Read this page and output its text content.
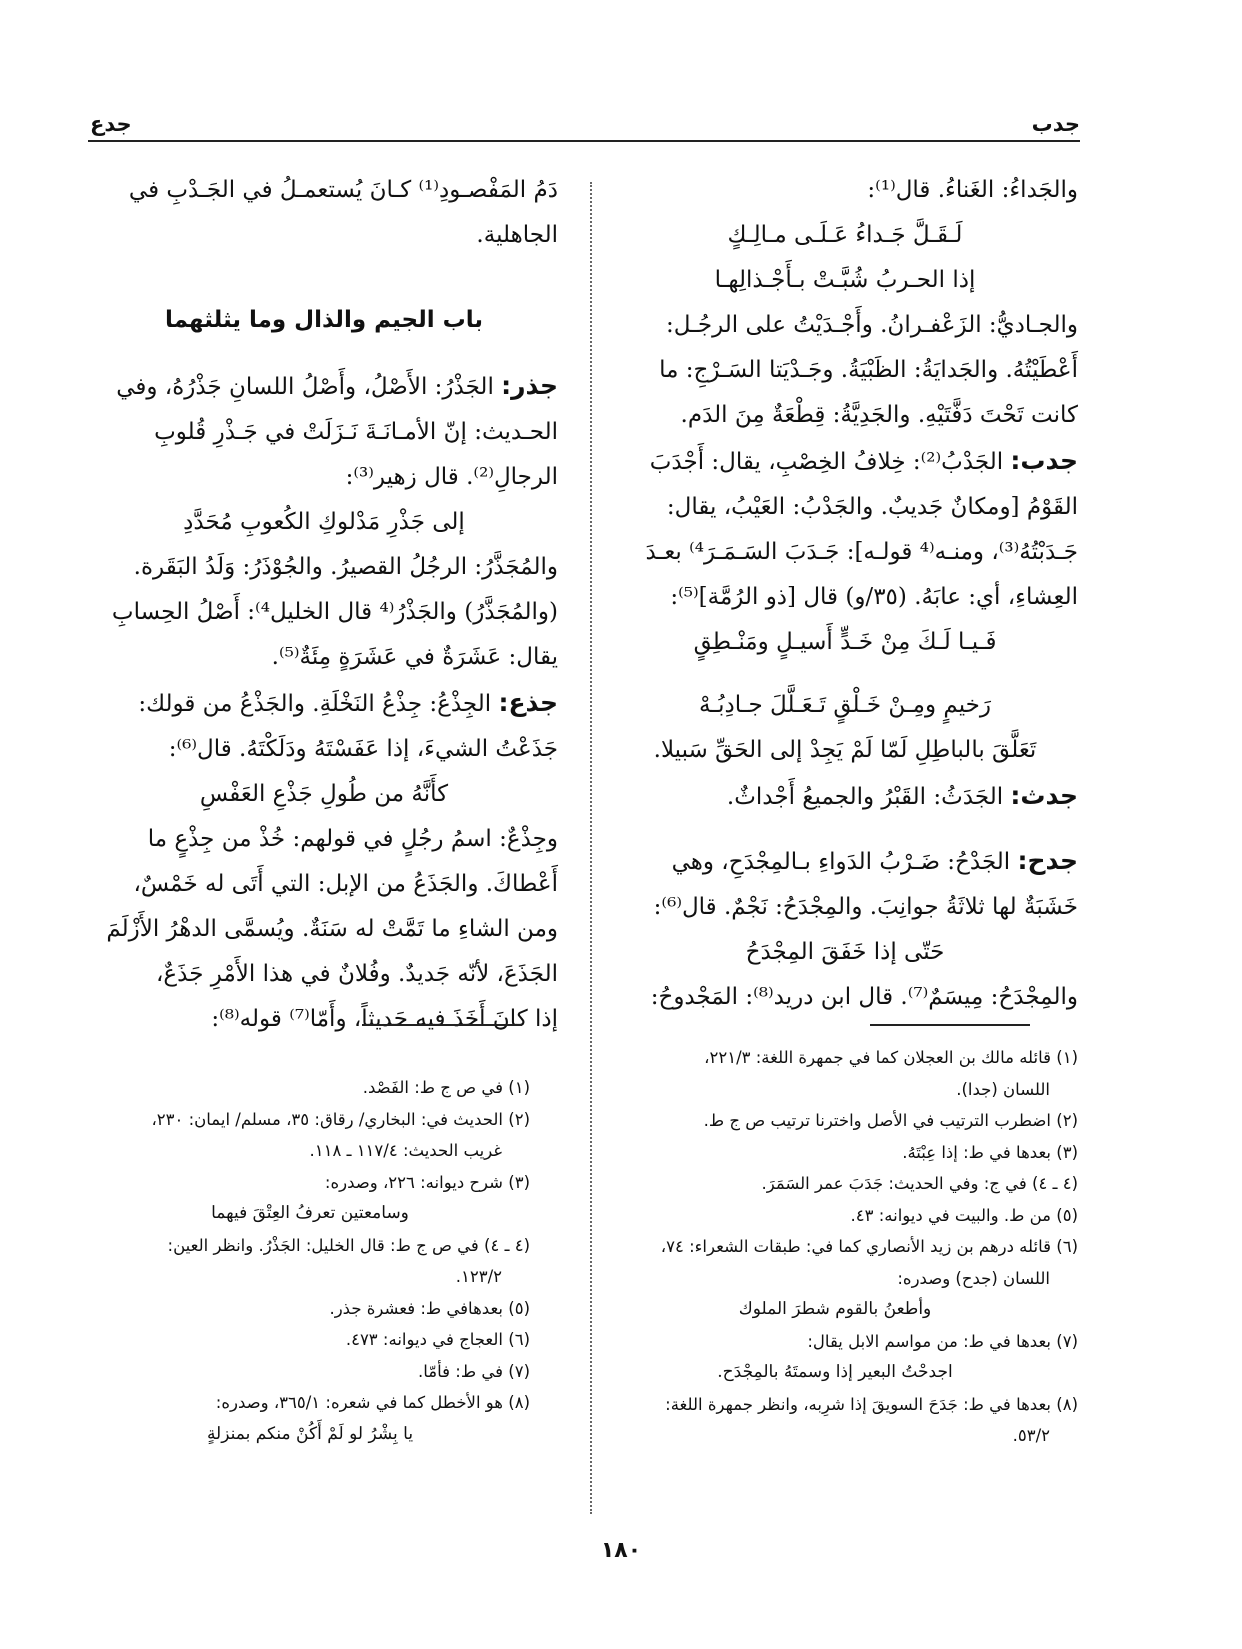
جدب
جدع

والجَداءُ: الغَناءُ. قال⁽¹⁾:

لَـقَـلَّ جَـداءُ عَـلَـى مـالِـكٍ

إذا الحـربُ شُبَّـتْ بـأَجْـذالِهـا

والجـاديُّ: الزَعْفـرانُ. وأَجْـدَيْتُ على الرجُـل:

أَعْطَيْتُهُ. والجَدايَةُ: الظَبْيَةُ. وجَـدْيَتا السَـرْجِ: ما

كانت تَحْتَ دَفَّتَيْهِ. والجَدِيَّةُ: قِطْعَةٌ مِنَ الدَم.

جدب: الجَدْبُ⁽²⁾: خِلافُ الخِصْبِ، يقال: أَجْدَبَ

القَوْمُ [ومكانٌ جَديبٌ. والجَدْبُ: العَيْبُ، يقال:

جَـدَبْتُهُ⁽³⁾، ومنـه⁽⁴ قولـه]: جَـدَبَ السَـمَـرَ⁴⁾ بعـدَ

العِشاءِ، أي: عابَهُ. (٣٥/و) قال [ذو الرُمَّة]⁽⁵⁾:

فَـيـا لَـكَ مِنْ خَـدٍّ أَسيـلٍ ومَنْـطِقٍ

رَخيمٍ ومِـنْ خَـلْقٍ تَـعَـلَّلَ جـادِبُـهْ

تَعَلَّقَ بالباطِلِ لَمّا لَمْ يَجِدْ إلى الحَقِّ سَبيلا.

جدث: الجَدَثُ: القَبْرُ والجميعُ أَجْداثٌ.

جدح: الجَدْحُ: ضَـرْبُ الدَواءِ بـالمِجْدَحِ، وهي

خَشَبَةٌ لها ثلاثَةُ جوانِبَ. والمِجْدَحُ: نَجْمٌ. قال⁽⁶⁾:

حَتّى إذا خَفَقَ المِجْدَحُ

والمِجْدَحُ: مِيسَمٌ⁽⁷⁾. قال ابن دريد⁽⁸⁾: المَجْدوحُ:

دَمُ المَفْصـودِ⁽¹⁾ كـانَ يُستعمـلُ في الجَـدْبِ في

الجاهلية.

باب الجيم والذال وما يثلثهما

جذر: الجَذْرُ: الأَصْلُ، وأَصْلُ اللسانِ جَذْرُهُ، وفي

الحـديث: إنّ الأمـانَـةَ نَـزَلَتْ في جَـذْرِ قُلوبِ

الرجالِ⁽²⁾. قال زهير⁽³⁾:

إلى جَذْرِ مَدْلوكِ الكُعوبِ مُحَدَّدِ

والمُجَذَّرُ: الرجُلُ القصيرُ. والجُوْذَرُ: وَلَدُ البَقَرة.

(والمُجَذَّرُ) والجَذْرُ⁽⁴ قال الخليل⁴⁾: أَصْلُ الحِسابِ

يقال: عَشَرَةٌ في عَشَرَةٍ مِئَةٌ⁽⁵⁾.

جذع: الجِذْعُ: جِذْعُ النَخْلَةِ. والجَذْعُ من قولك:

جَذَعْتُ الشيءَ، إذا عَفَسْتَهُ ودَلَكْتَهُ. قال⁽⁶⁾:

كأَنَّهُ من طُولِ جَذْعِ العَفْسِ

وجِذْعٌ: اسمُ رجُلٍ في قولهم: خُذْ من جِذْعٍ ما

أَعْطاكَ. والجَذَعُ من الإبل: التي أَتَى له خَمْسٌ،

ومن الشاءِ ما تَمَّتْ له سَنَةٌ. ويُسمَّى الدهْرُ الأَزْلَمَ

الجَذَعَ، لأنّه جَديدٌ. وفُلانٌ في هذا الأَمْرِ جَذَعٌ،

إذا كانَ أَخَذَ فيه حَديثاً، وأَمّا⁽⁷⁾ قوله⁽⁸⁾:

(١) قائله مالك بن العجلان كما في جمهرة اللغة: ٢٢١/٣،

اللسان (جدا).

(٢) اضطرب الترتيب في الأصل واخترنا ترتيب ص ج ط.

(٣) بعدها في ط: إذا عِبْتَهُ.

(٤ ـ ٤) في ج: وفي الحديث: جَدَبَ عمر السَمَرَ.

(٥) من ط. والبيت في ديوانه: ٤٣.

(٦) قائله درهم بن زيد الأنصاري كما في: طبقات الشعراء: ٧٤،

اللسان (جدح) وصدره:

وأطعنُ بالقوم شطرَ الملوك

(٧) بعدها في ط: من مواسم الابل يقال:

اجدحْتُ البعير إذا وسمتَهُ بالمِجْدَح.

(٨) بعدها في ط: جَدَحَ السويقَ إذا شرِبه، وانظر جمهرة اللغة:

٥٣/٢.

(١) في ص ج ط: الفَصْد.

(٢) الحديث في: البخاري/ رقاق: ٣٥، مسلم/ ايمان: ٢٣٠،

غريب الحديث: ١١٧/٤ ـ ١١٨.

(٣) شرح ديوانه: ٢٢٦، وصدره:

وسامعتين تعرفُ العِتْقَ فيهما

(٤ ـ ٤) في ص ج ط: قال الخليل: الجَذْرُ. وانظر العين:

١٢٣/٢.

(٥) بعدهافي ط: فعشرة جذر.

(٦) العجاج في ديوانه: ٤٧٣.

(٧) في ط: فأمّا.

(٨) هو الأخطل كما في شعره: ٣٦٥/١، وصدره:

يا بِشْرُ لو لَمْ أَكُنْ منكم بمنزلةٍ

١٨٠
